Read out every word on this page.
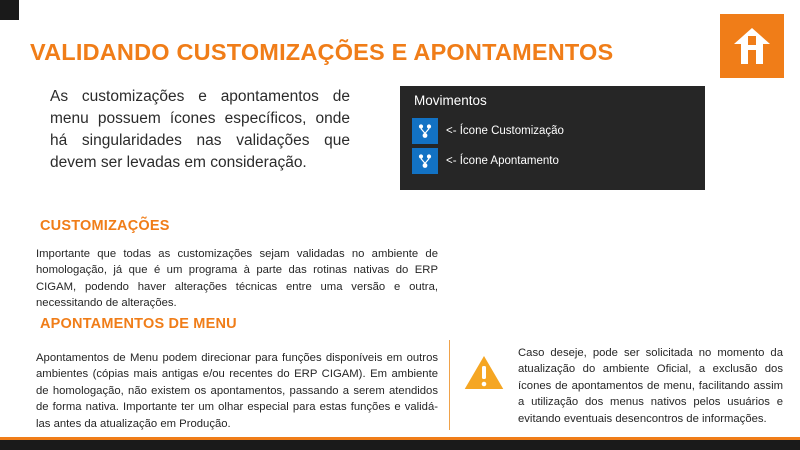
VALIDANDO CUSTOMIZAÇÕES E APONTAMENTOS
As customizações e apontamentos de menu possuem ícones específicos, onde há singularidades nas validações que devem ser levadas em consideração.
Movimentos
<- Ícone Customização
<- Ícone Apontamento
CUSTOMIZAÇÕES
Importante que todas as customizações sejam validadas no ambiente de homologação, já que é um programa à parte das rotinas nativas do ERP CIGAM, podendo haver alterações técnicas entre uma versão e outra, necessitando de alterações.
APONTAMENTOS DE MENU
Apontamentos de Menu podem direcionar para funções disponíveis em outros ambientes (cópias mais antigas e/ou recentes do ERP CIGAM). Em ambiente de homologação, não existem os apontamentos, passando a serem atendidos de forma nativa. Importante ter um olhar especial para estas funções e validá-las antes da atualização em Produção.
Caso deseje, pode ser solicitada no momento da atualização do ambiente Oficial, a exclusão dos ícones de apontamentos de menu, facilitando assim a utilização dos menus nativos pelos usuários e evitando eventuais desencontros de informações.
